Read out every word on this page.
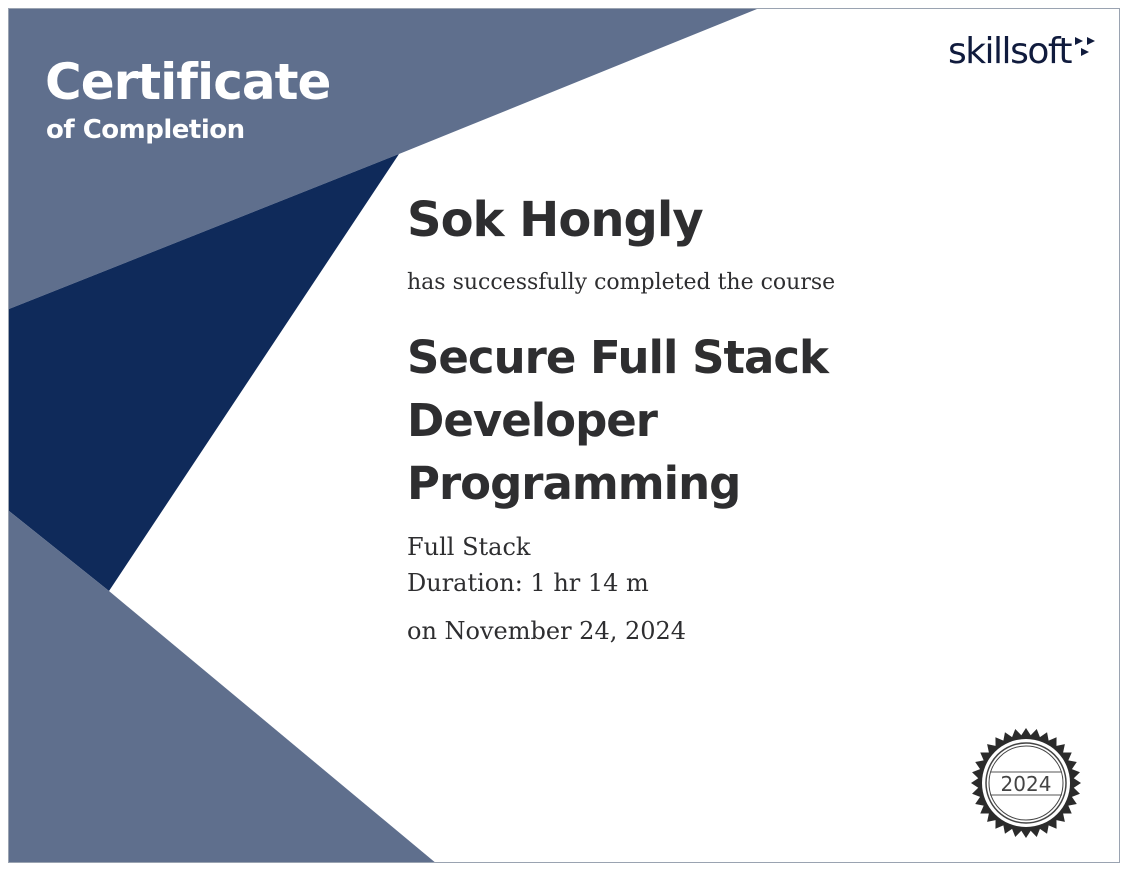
Certificate
of Completion
skillsoft

Sok Hongly

has successfully completed the course

Secure Full Stack
Developer
Programming

Full Stack

Duration: 1 hr 14 m

on November 24, 2024

2024
